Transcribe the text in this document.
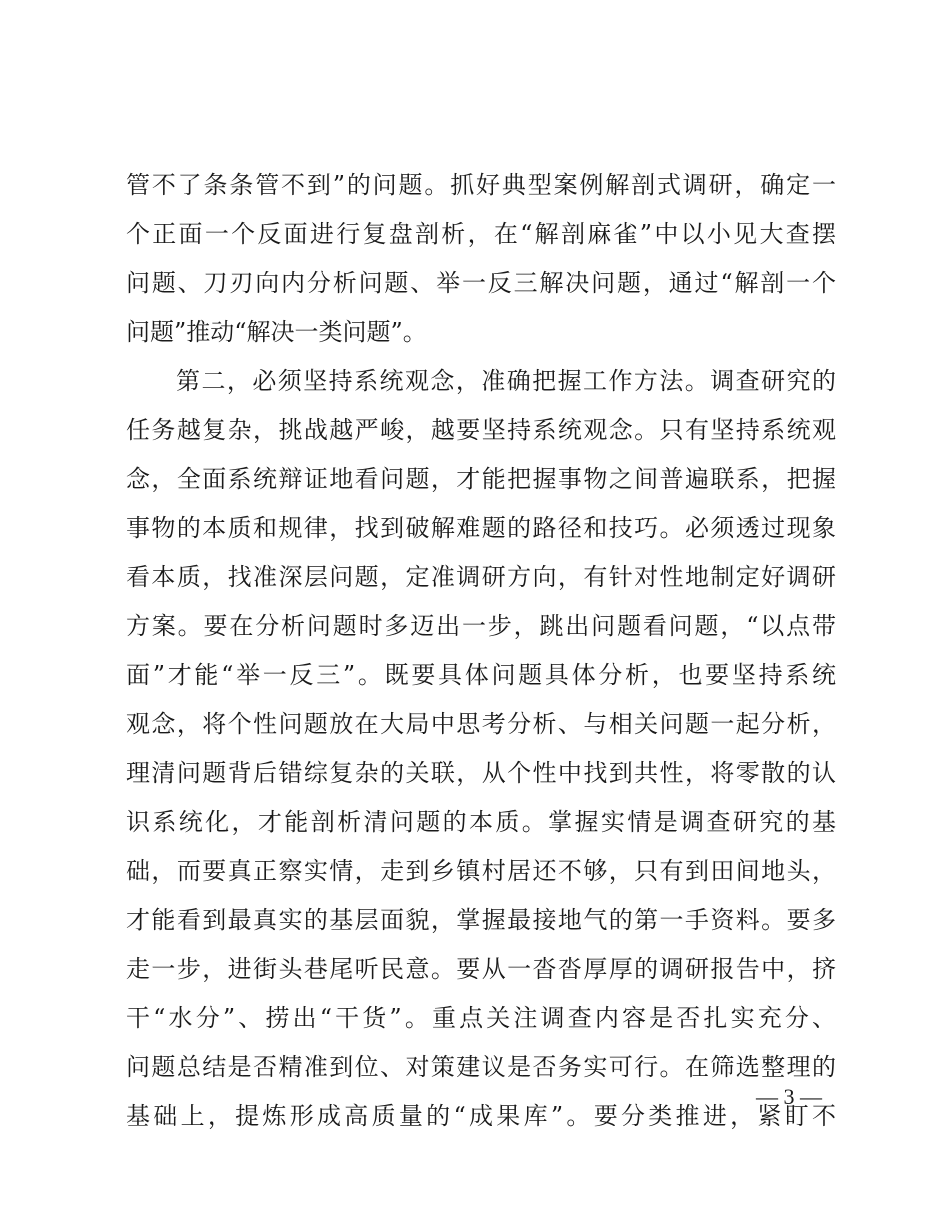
管不了条条管不到”的问题。抓好典型案例解剖式调研，确定一
个正面一个反面进行复盘剖析，在“解剖麻雀”中以小见大查摆
问题、刀刃向内分析问题、举一反三解决问题，通过“解剖一个
问题”推动“解决一类问题”。
第二，必须坚持系统观念，准确把握工作方法。调查研究的
任务越复杂，挑战越严峻，越要坚持系统观念。只有坚持系统观
念，全面系统辩证地看问题，才能把握事物之间普遍联系，把握
事物的本质和规律，找到破解难题的路径和技巧。必须透过现象
看本质，找准深层问题，定准调研方向，有针对性地制定好调研
方案。要在分析问题时多迈出一步，跳出问题看问题，“以点带
面”才能“举一反三”。既要具体问题具体分析，也要坚持系统
观念，将个性问题放在大局中思考分析、与相关问题一起分析，
理清问题背后错综复杂的关联，从个性中找到共性，将零散的认
识系统化，才能剖析清问题的本质。掌握实情是调查研究的基
础，而要真正察实情，走到乡镇村居还不够，只有到田间地头，
才能看到最真实的基层面貌，掌握最接地气的第一手资料。要多
走一步，进街头巷尾听民意。要从一沓沓厚厚的调研报告中，挤
干“水分”、捞出“干货”。重点关注调查内容是否扎实充分、
问题总结是否精准到位、对策建议是否务实可行。在筛选整理的
基础上，提炼形成高质量的“成果库”。要分类推进，紧盯不
— 3 —
